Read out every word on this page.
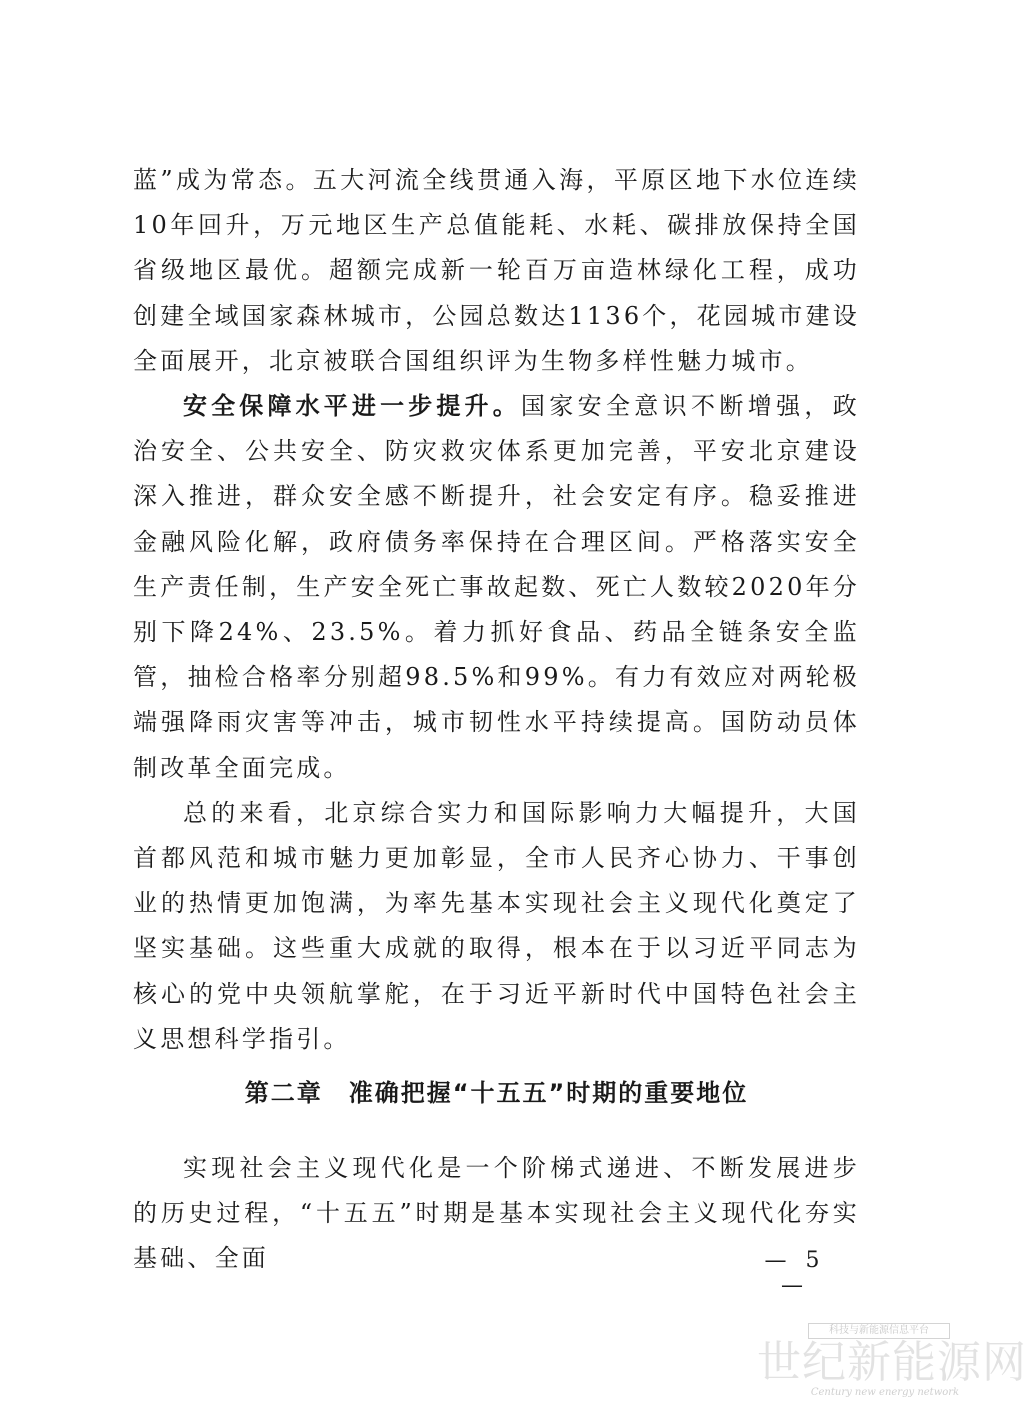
蓝”成为常态。五大河流全线贯通入海，平原区地下水位连续10年回升，万元地区生产总值能耗、水耗、碳排放保持全国省级地区最优。超额完成新一轮百万亩造林绿化工程，成功创建全域国家森林城市，公园总数达1136个，花园城市建设全面展开，北京被联合国组织评为生物多样性魅力城市。

安全保障水平进一步提升。国家安全意识不断增强，政治安全、公共安全、防灾救灾体系更加完善，平安北京建设深入推进，群众安全感不断提升，社会安定有序。稳妥推进金融风险化解，政府债务率保持在合理区间。严格落实安全生产责任制，生产安全死亡事故起数、死亡人数较2020年分别下降24%、23.5%。着力抓好食品、药品全链条安全监管，抽检合格率分别超98.5%和99%。有力有效应对两轮极端强降雨灾害等冲击，城市韧性水平持续提高。国防动员体制改革全面完成。

总的来看，北京综合实力和国际影响力大幅提升，大国首都风范和城市魅力更加彰显，全市人民齐心协力、干事创业的热情更加饱满，为率先基本实现社会主义现代化奠定了坚实基础。这些重大成就的取得，根本在于以习近平同志为核心的党中央领航掌舵，在于习近平新时代中国特色社会主义思想科学指引。

第二章 准确把握“十五五”时期的重要地位

实现社会主义现代化是一个阶梯式递进、不断发展进步的历史过程，“十五五”时期是基本实现社会主义现代化夯实基础、全面	— 5 —
科技与新能源信息平台
世纪新能源网
Century new energy network
